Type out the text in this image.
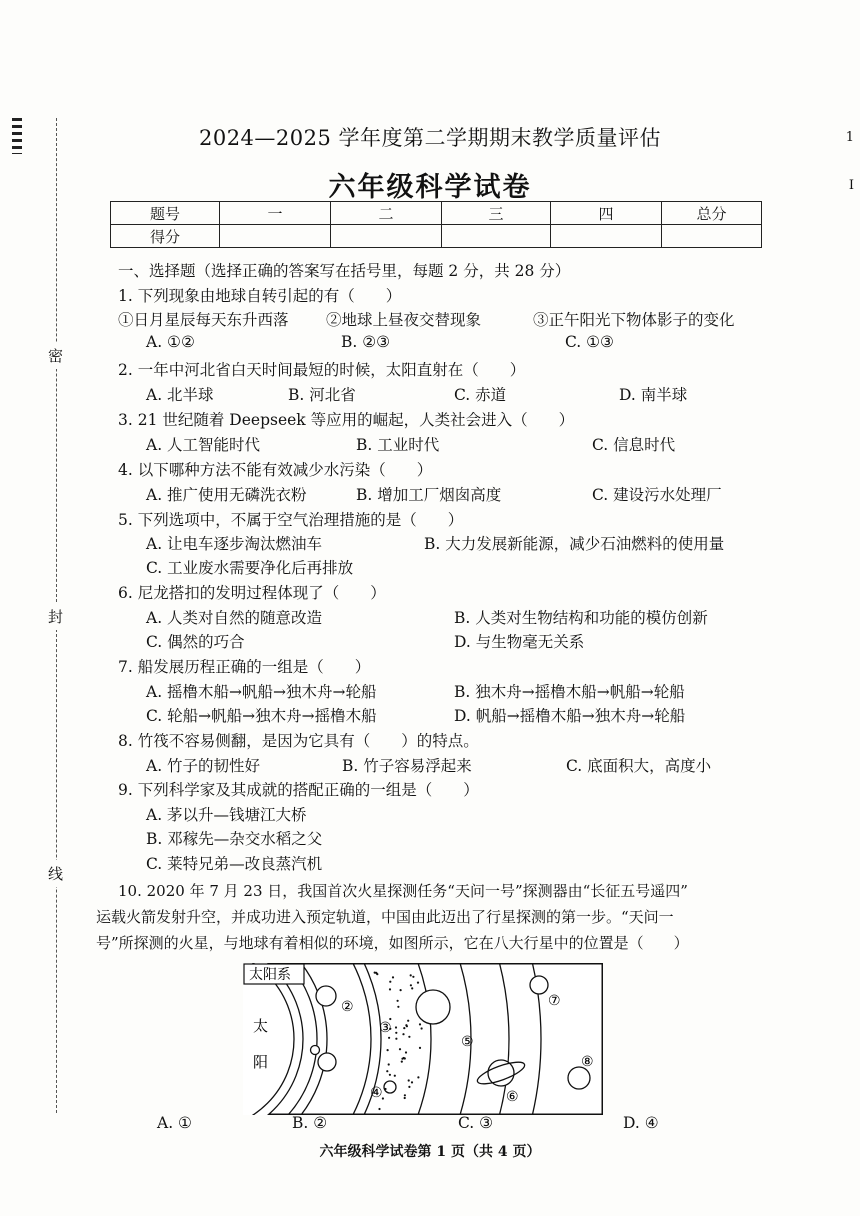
密
封
线
1
I
2024—2025 学年度第二学期期末教学质量评估
六年级科学试卷
题号	一	二	三	四	总分
得分					
一、选择题（选择正确的答案写在括号里，每题 2 分，共 28 分）
1. 下列现象由地球自转引起的有（　　）
①日月星辰每天东升西落 ②地球上昼夜交替现象	③正午阳光下物体影子的变化
A. ①②	B. ②③	C. ①③
2. 一年中河北省白天时间最短的时候，太阳直射在（　　）
A. 北半球	B. 河北省	C. 赤道	D. 南半球
3. 21 世纪随着 Deepseek 等应用的崛起，人类社会进入（　　）
A. 人工智能时代	B. 工业时代	C. 信息时代
4. 以下哪种方法不能有效减少水污染（　　）
A. 推广使用无磷洗衣粉	B. 增加工厂烟囱高度	C. 建设污水处理厂
5. 下列选项中，不属于空气治理措施的是（　　）
A. 让电车逐步淘汰燃油车	B. 大力发展新能源，减少石油燃料的使用量
C. 工业废水需要净化后再排放
6. 尼龙搭扣的发明过程体现了（　　）
A. 人类对自然的随意改造	B. 人类对生物结构和功能的模仿创新
C. 偶然的巧合	D. 与生物毫无关系
7. 船发展历程正确的一组是（　　）
A. 摇橹木船→帆船→独木舟→轮船	B. 独木舟→摇橹木船→帆船→轮船
C. 轮船→帆船→独木舟→摇橹木船	D. 帆船→摇橹木船→独木舟→轮船
8. 竹筏不容易侧翻，是因为它具有（　　）的特点。
A. 竹子的韧性好	B. 竹子容易浮起来	C. 底面积大，高度小
9. 下列科学家及其成就的搭配正确的一组是（　　）
A. 茅以升—钱塘江大桥
B. 邓稼先—杂交水稻之父
C. 莱特兄弟—改良蒸汽机
10. 2020 年 7 月 23 日，我国首次火星探测任务“天问一号”探测器由“长征五号遥四”
运载火箭发射升空，并成功进入预定轨道，中国由此迈出了行星探测的第一步。“天问一
号”所探测的火星，与地球有着相似的环境，如图所示，它在八大行星中的位置是（　　）
太阳系
太
阳
②
③
④
⑤
⑥
⑦
⑧
A. ①	B. ②	C. ③	D. ④
六年级科学试卷第 1 页（共 4 页）
